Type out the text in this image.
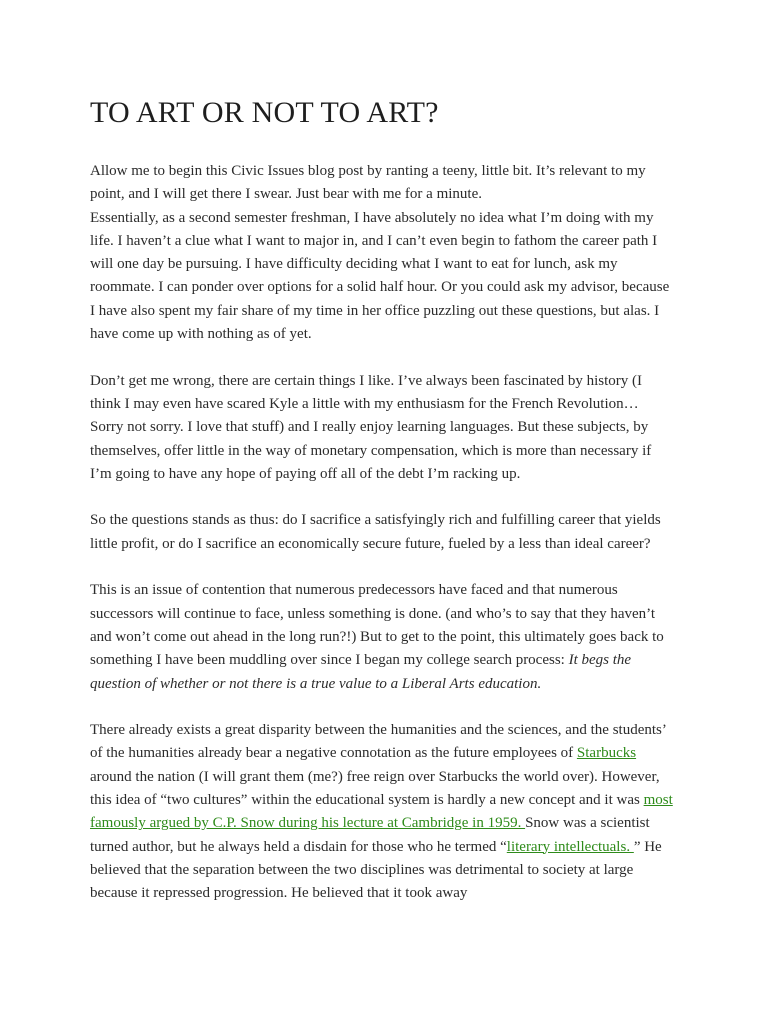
TO ART OR NOT TO ART?

Allow me to begin this Civic Issues blog post by ranting a teeny, little bit. It’s relevant to my point, and I will get there I swear. Just bear with me for a minute.

Essentially, as a second semester freshman, I have absolutely no idea what I’m doing with my life. I haven’t a clue what I want to major in, and I can’t even begin to fathom the career path I will one day be pursuing. I have difficulty deciding what I want to eat for lunch, ask my roommate. I can ponder over options for a solid half hour. Or you could ask my advisor, because I have also spent my fair share of my time in her office puzzling out these questions, but alas. I have come up with nothing as of yet.

Don’t get me wrong, there are certain things I like. I’ve always been fascinated by history (I think I may even have scared Kyle a little with my enthusiasm for the French Revolution… Sorry not sorry. I love that stuff) and I really enjoy learning languages. But these subjects, by themselves, offer little in the way of monetary compensation, which is more than necessary if I’m going to have any hope of paying off all of the debt I’m racking up.

So the questions stands as thus: do I sacrifice a satisfyingly rich and fulfilling career that yields little profit, or do I sacrifice an economically secure future, fueled by a less than ideal career?

This is an issue of contention that numerous predecessors have faced and that numerous successors will continue to face, unless something is done. (and who’s to say that they haven’t and won’t come out ahead in the long run?!) But to get to the point, this ultimately goes back to something I have been muddling over since I began my college search process: It begs the question of whether or not there is a true value to a Liberal Arts education.

There already exists a great disparity between the humanities and the sciences, and the students’ of the humanities already bear a negative connotation as the future employees of Starbucks around the nation (I will grant them (me?) free reign over Starbucks the world over). However, this idea of “two cultures” within the educational system is hardly a new concept and it was most famously argued by C.P. Snow during his lecture at Cambridge in 1959. Snow was a scientist turned author, but he always held a disdain for those who he termed “literary intellectuals. ” He believed that the separation between the two disciplines was detrimental to society at large because it repressed progression. He believed that it took away
